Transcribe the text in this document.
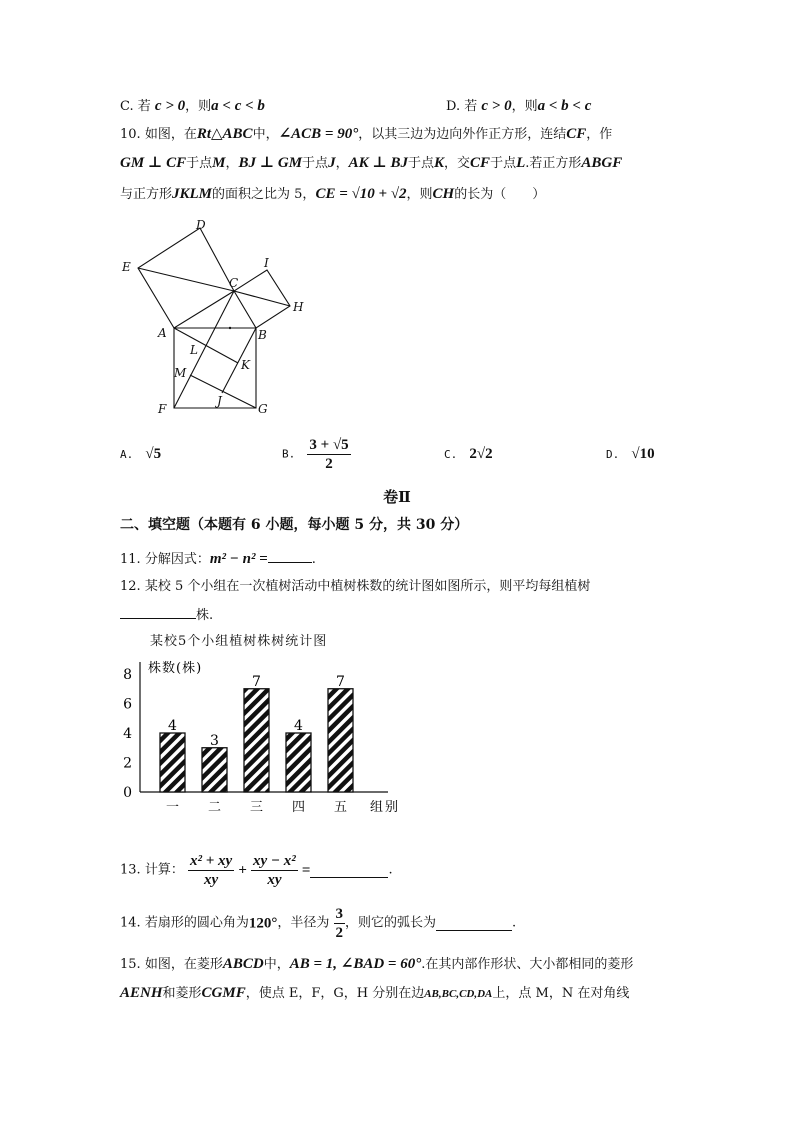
C. 若 c > 0，则a < c < b	D. 若 c > 0，则a < b < c
10. 如图，在Rt△ABC中，∠ACB = 90°，以其三边为边向外作正方形，连结CF，作
GM ⊥ CF于点M，BJ ⊥ GM于点J，AK ⊥ BJ于点K，交CF于点L.若正方形ABGF
与正方形JKLM的面积之比为 5，CE = √10 + √2，则CH的长为（　　）
D
E	I
C
H
A	B
L
M
K
F
J
G
A. √5	B. $\frac{3 + √5}{2}$	C. 2√2	D. √10
卷Ⅱ
二、填空题（本题有 6 小题，每小题 5 分，共 30 分）
11. 分解因式：m² − n² =	.
12. 某校 5 个小组在一次植树活动中植树株数的统计图如图所示，则平均每组植树
株.
某校5个小组植树株树统计图
0
2
4
6
8 株数(株)
4
一
3
二
7
三
4
四
7
五 组别
13. 计算： $\frac{\text{x² + xy}}{xy} + \frac{\text{xy − x²}}{xy}$ =	.
14. 若扇形的圆心角为120°，半径为 $\frac{3}{2}$ ，则它的弧长为	.
15. 如图，在菱形ABCD中，AB = 1, ∠BAD = 60°.在其内部作形状、大小都相同的菱形
AENH和菱形CGMF，使点 E，F，G，H 分别在边AB,BC,CD,DA上，点 M，N 在对角线
